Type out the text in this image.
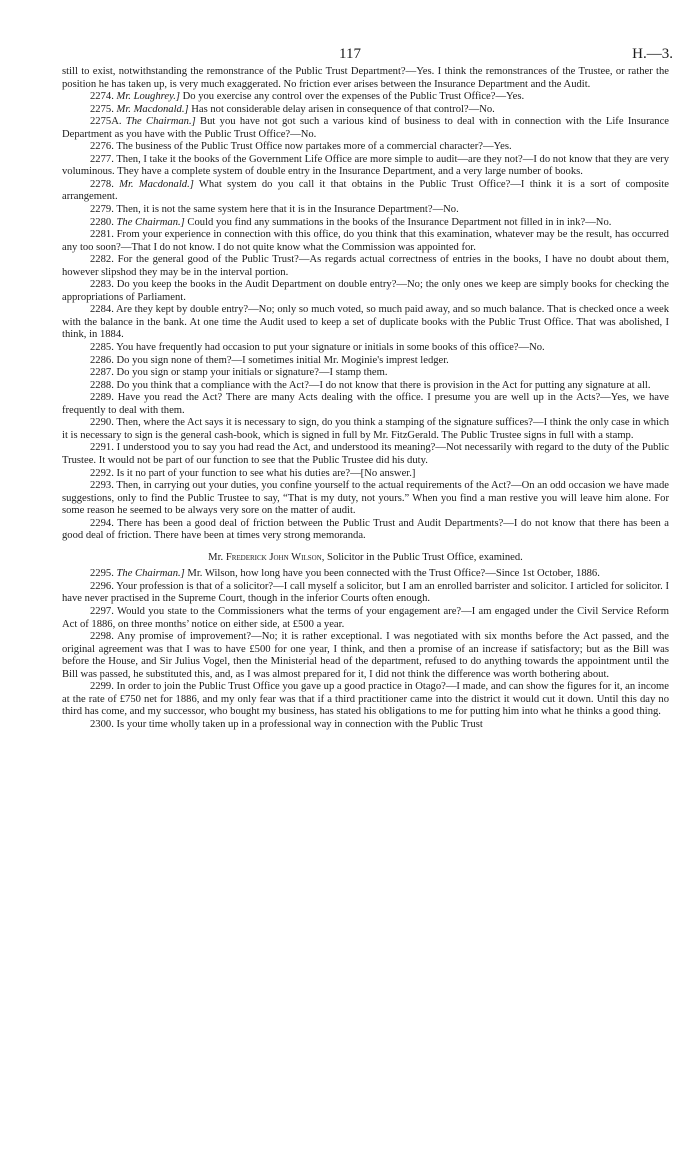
117	H.—3.

still to exist, notwithstanding the remonstrance of the Public Trust Department?—Yes. I think the remonstrances of the Trustee, or rather the position he has taken up, is very much exaggerated. No friction ever arises between the Insurance Department and the Audit.

2274. Mr. Loughrey.] Do you exercise any control over the expenses of the Public Trust Office?—Yes.

2275. Mr. Macdonald.] Has not considerable delay arisen in consequence of that control?—No.

2275A. The Chairman.] But you have not got such a various kind of business to deal with in connection with the Life Insurance Department as you have with the Public Trust Office?—No.

2276. The business of the Public Trust Office now partakes more of a commercial character?—Yes.

2277. Then, I take it the books of the Government Life Office are more simple to audit—are they not?—I do not know that they are very voluminous. They have a complete system of double entry in the Insurance Department, and a very large number of books.

2278. Mr. Macdonald.] What system do you call it that obtains in the Public Trust Office?—I think it is a sort of composite arrangement.

2279. Then, it is not the same system here that it is in the Insurance Department?—No.

2280. The Chairman.] Could you find any summations in the books of the Insurance Department not filled in in ink?—No.

2281. From your experience in connection with this office, do you think that this examination, whatever may be the result, has occurred any too soon?—That I do not know. I do not quite know what the Commission was appointed for.

2282. For the general good of the Public Trust?—As regards actual correctness of entries in the books, I have no doubt about them, however slipshod they may be in the interval portion.

2283. Do you keep the books in the Audit Department on double entry?—No; the only ones we keep are simply books for checking the appropriations of Parliament.

2284. Are they kept by double entry?—No; only so much voted, so much paid away, and so much balance. That is checked once a week with the balance in the bank. At one time the Audit used to keep a set of duplicate books with the Public Trust Office. That was abolished, I think, in 1884.

2285. You have frequently had occasion to put your signature or initials in some books of this office?—No.

2286. Do you sign none of them?—I sometimes initial Mr. Moginie's imprest ledger.

2287. Do you sign or stamp your initials or signature?—I stamp them.

2288. Do you think that a compliance with the Act?—I do not know that there is provision in the Act for putting any signature at all.

2289. Have you read the Act? There are many Acts dealing with the office. I presume you are well up in the Acts?—Yes, we have frequently to deal with them.

2290. Then, where the Act says it is necessary to sign, do you think a stamping of the signature suffices?—I think the only case in which it is necessary to sign is the general cash-book, which is signed in full by Mr. FitzGerald. The Public Trustee signs in full with a stamp.

2291. I understood you to say you had read the Act, and understood its meaning?—Not necessarily with regard to the duty of the Public Trustee. It would not be part of our function to see that the Public Trustee did his duty.

2292. Is it no part of your function to see what his duties are?—[No answer.]

2293. Then, in carrying out your duties, you confine yourself to the actual requirements of the Act?—On an odd occasion we have made suggestions, only to find the Public Trustee to say, “That is my duty, not yours.” When you find a man restive you will leave him alone. For some reason he seemed to be always very sore on the matter of audit.

2294. There has been a good deal of friction between the Public Trust and Audit Departments?—I do not know that there has been a good deal of friction. There have been at times very strong memoranda.

Mr. Frederick John Wilson, Solicitor in the Public Trust Office, examined.

2295. The Chairman.] Mr. Wilson, how long have you been connected with the Trust Office?—Since 1st October, 1886.

2296. Your profession is that of a solicitor?—I call myself a solicitor, but I am an enrolled barrister and solicitor. I articled for solicitor. I have never practised in the Supreme Court, though in the inferior Courts often enough.

2297. Would you state to the Commissioners what the terms of your engagement are?—I am engaged under the Civil Service Reform Act of 1886, on three months’ notice on either side, at £500 a year.

2298. Any promise of improvement?—No; it is rather exceptional. I was negotiated with six months before the Act passed, and the original agreement was that I was to have £500 for one year, I think, and then a promise of an increase if satisfactory; but as the Bill was before the House, and Sir Julius Vogel, then the Ministerial head of the department, refused to do anything towards the appointment until the Bill was passed, he substituted this, and, as I was almost prepared for it, I did not think the difference was worth bothering about.

2299. In order to join the Public Trust Office you gave up a good practice in Otago?—I made, and can show the figures for it, an income at the rate of £750 net for 1886, and my only fear was that if a third practitioner came into the district it would cut it down. Until this day no third has come, and my successor, who bought my business, has stated his obligations to me for putting him into what he thinks a good thing.

2300. Is your time wholly taken up in a professional way in connection with the Public Trust
